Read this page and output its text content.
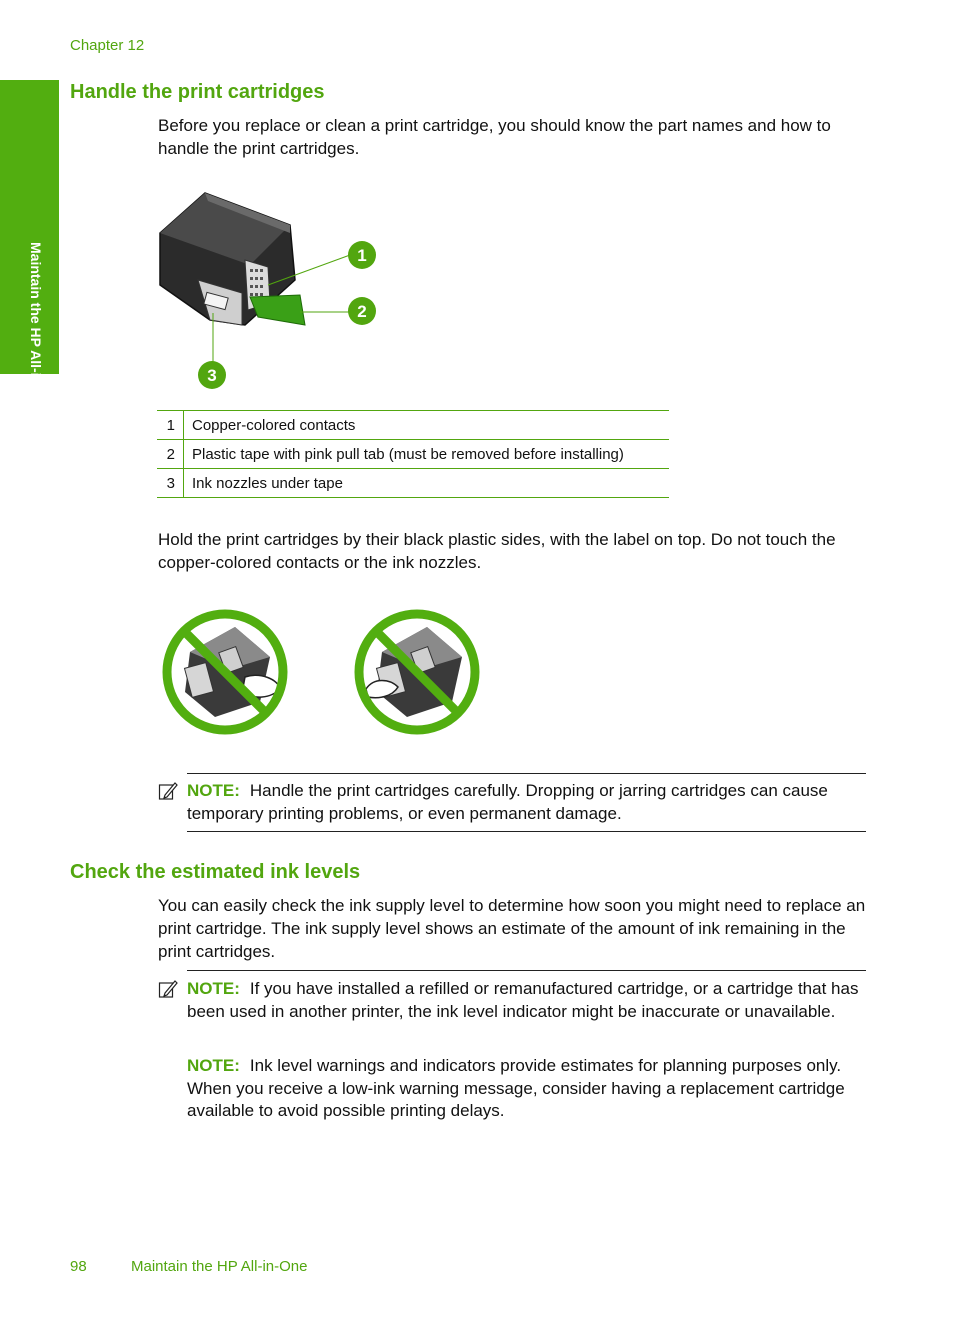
Chapter 12
Maintain the HP All-in-One
Handle the print cartridges

Before you replace or clean a print cartridge, you should know the part names and how to handle the print cartridges.

1
2
3
1	Copper-colored contacts
2	Plastic tape with pink pull tab (must be removed before installing)
3	Ink nozzles under tape

Hold the print cartridges by their black plastic sides, with the label on top. Do not touch the copper-colored contacts or the ink nozzles.

NOTE: Handle the print cartridges carefully. Dropping or jarring cartridges can cause temporary printing problems, or even permanent damage.

Check the estimated ink levels

You can easily check the ink supply level to determine how soon you might need to replace an print cartridge. The ink supply level shows an estimate of the amount of ink remaining in the print cartridges.

NOTE: If you have installed a refilled or remanufactured cartridge, or a cartridge that has been used in another printer, the ink level indicator might be inaccurate or unavailable.

NOTE: Ink level warnings and indicators provide estimates for planning purposes only. When you receive a low-ink warning message, consider having a replacement cartridge available to avoid possible printing delays.

98	Maintain the HP All-in-One
